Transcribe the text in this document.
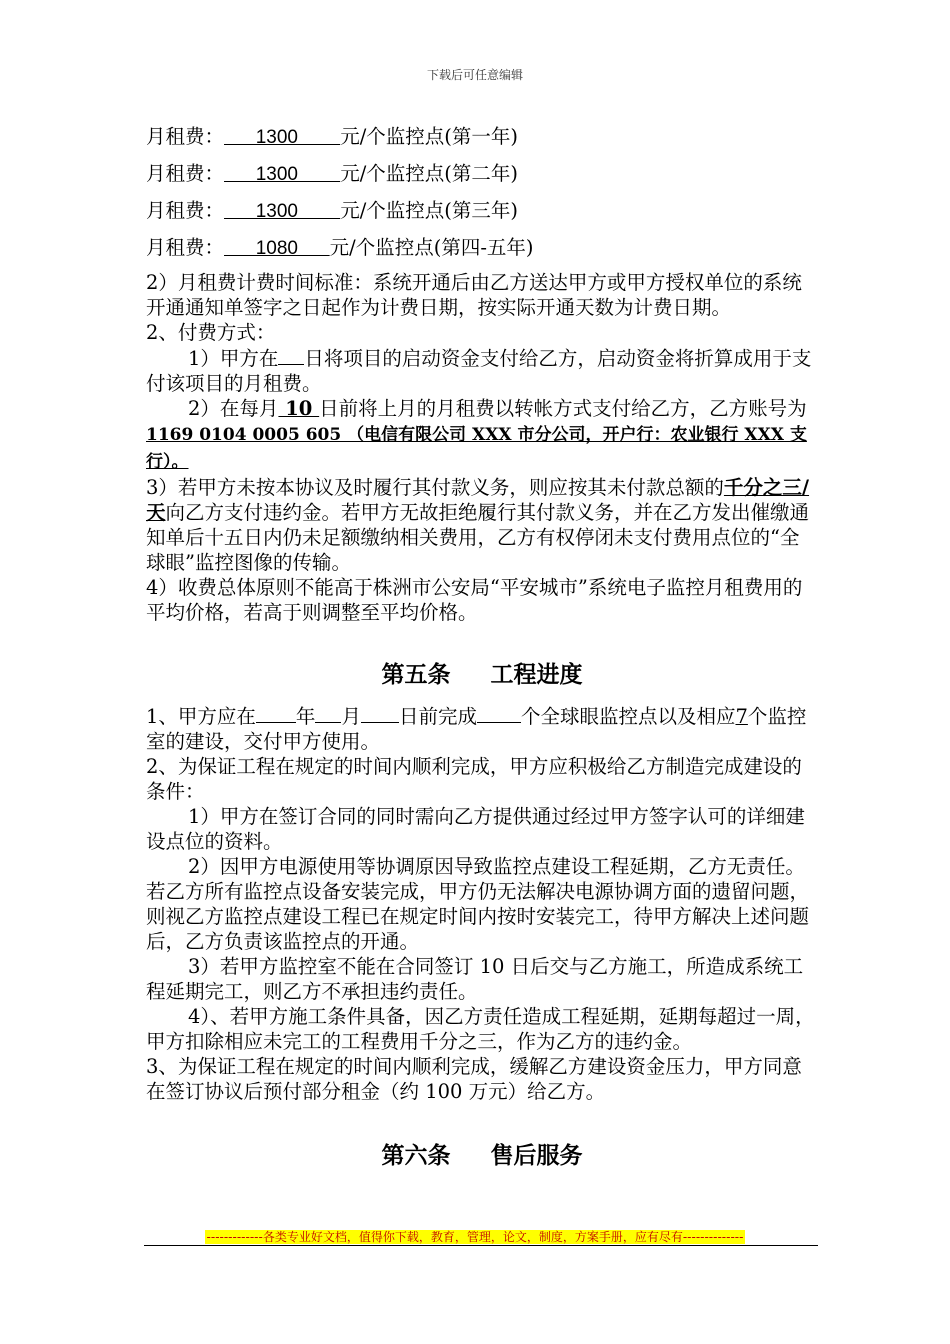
下载后可任意编辑
月租费：      1300        元/个监控点(第一年)
月租费：      1300        元/个监控点(第二年)
月租费：      1300        元/个监控点(第三年)
月租费：      1080      元/个监控点(第四-五年)

2）月租费计费时间标准：系统开通后由乙方送达甲方或甲方授权单位的系统开通通知单签字之日起作为计费日期，按实际开通天数为计费日期。

2、付费方式：

1）甲方在 日将项目的启动资金支付给乙方，启动资金将折算成用于支付该项目的月租费。

2）在每月 10 日前将上月的月租费以转帐方式支付给乙方，乙方账号为1169 0104 0005 605 （电信有限公司 XXX 市分公司，开户行：农业银行 XXX 支行）。

3）若甲方未按本协议及时履行其付款义务，则应按其未付款总额的千分之三/天向乙方支付违约金。若甲方无故拒绝履行其付款义务，并在乙方发出催缴通知单后十五日内仍未足额缴纳相关费用，乙方有权停闭未支付费用点位的“全球眼”监控图像的传输。

4）收费总体原则不能高于株洲市公安局“平安城市”系统电子监控月租费用的平均价格，若高于则调整至平均价格。

第五条 工程进度

1、甲方应在 年 月 日前完成 个全球眼监控点以及相应7个监控室的建设，交付甲方使用。

2、为保证工程在规定的时间内顺利完成，甲方应积极给乙方制造完成建设的条件：

1）甲方在签订合同的同时需向乙方提供通过经过甲方签字认可的详细建设点位的资料。

2）因甲方电源使用等协调原因导致监控点建设工程延期，乙方无责任。若乙方所有监控点设备安装完成，甲方仍无法解决电源协调方面的遗留问题，则视乙方监控点建设工程已在规定时间内按时安装完工，待甲方解决上述问题后，乙方负责该监控点的开通。

3）若甲方监控室不能在合同签订 10 日后交与乙方施工，所造成系统工程延期完工，则乙方不承担违约责任。

4）、若甲方施工条件具备，因乙方责任造成工程延期，延期每超过一周，甲方扣除相应未完工的工程费用千分之三，作为乙方的违约金。

3、为保证工程在规定的时间内顺利完成，缓解乙方建设资金压力，甲方同意在签订协议后预付部分租金（约 100 万元）给乙方。

第六条 售后服务
-------------各类专业好文档，值得你下载，教育，管理，论文，制度，方案手册，应有尽有--------------
